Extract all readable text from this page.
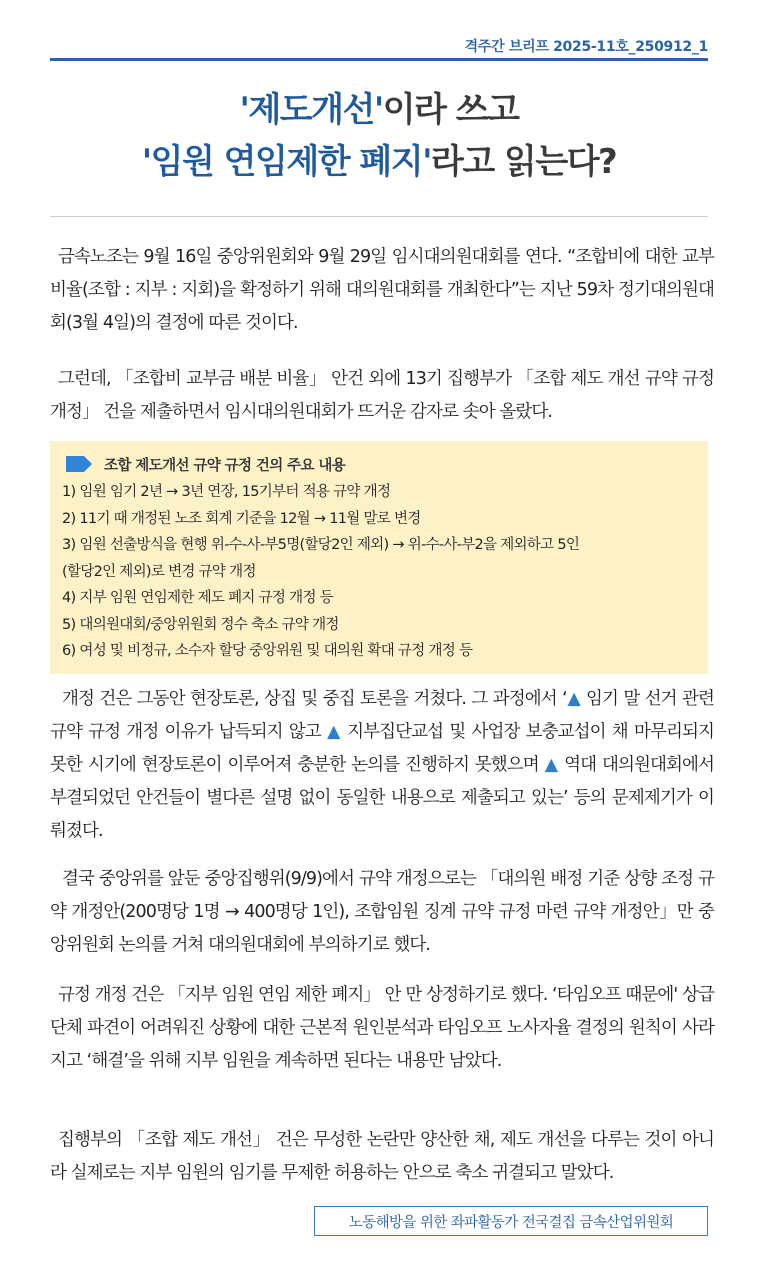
격주간 브리프 2025-11호_250912_1
'제도개선'이라 쓰고
'임원 연임제한 폐지'라고 읽는다?

금속노조는 9월 16일 중앙위원회와 9월 29일 임시대의원대회를 연다. “조합비에 대한 교부 비율(조합 : 지부 : 지회)을 확정하기 위해 대의원대회를 개최한다”는 지난 59차 정기대의원대회(3월 4일)의 결정에 따른 것이다.

그런데, 「조합비 교부금 배분 비율」 안건 외에 13기 집행부가 「조합 제도 개선 규약 규정 개정」 건을 제출하면서 임시대의원대회가 뜨거운 감자로 솟아 올랐다.

조합 제도개선 규약 규정 건의 주요 내용
1) 임원 임기 2년 → 3년 연장, 15기부터 적용 규약 개정
2) 11기 때 개정된 노조 회계 기준을 12월 → 11월 말로 변경
3) 임원 선출방식을 현행 위-수-사-부5명(할당2인 제외) → 위-수-사-부2을 제외하고 5인
(할당2인 제외)로 변경 규약 개정
4) 지부 임원 연임제한 제도 폐지 규정 개정 등
5) 대의원대회/중앙위원회 정수 축소 규약 개정
6) 여성 및 비정규, 소수자 할당 중앙위원 및 대의원 확대 규정 개정 등

개정 건은 그동안 현장토론, 상집 및 중집 토론을 거쳤다. 그 과정에서 ‘▲ 임기 말 선거 관련 규약 규정 개정 이유가 납득되지 않고 ▲ 지부집단교섭 및 사업장 보충교섭이 채 마무리되지 못한 시기에 현장토론이 이루어져 충분한 논의를 진행하지 못했으며 ▲ 역대 대의원대회에서 부결되었던 안건들이 별다른 설명 없이 동일한 내용으로 제출되고 있는’ 등의 문제제기가 이뤄졌다.

결국 중앙위를 앞둔 중앙집행위(9/9)에서 규약 개정으로는 「대의원 배정 기준 상향 조정 규약 개정안(200명당 1명 → 400명당 1인), 조합임원 징계 규약 규정 마련 규약 개정안」만 중앙위원회 논의를 거쳐 대의원대회에 부의하기로 했다.

규정 개정 건은 「지부 임원 연임 제한 폐지」 안 만 상정하기로 했다. ‘타임오프 때문에' 상급단체 파견이 어려워진 상황에 대한 근본적 원인분석과 타임오프 노사자율 결정의 원칙이 사라지고 ‘해결’을 위해 지부 임원을 계속하면 된다는 내용만 남았다.

집행부의 「조합 제도 개선」 건은 무성한 논란만 양산한 채, 제도 개선을 다루는 것이 아니라 실제로는 지부 임원의 임기를 무제한 허용하는 안으로 축소 귀결되고 말았다.

노동해방을 위한 좌파활동가 전국결집 금속산업위원회
